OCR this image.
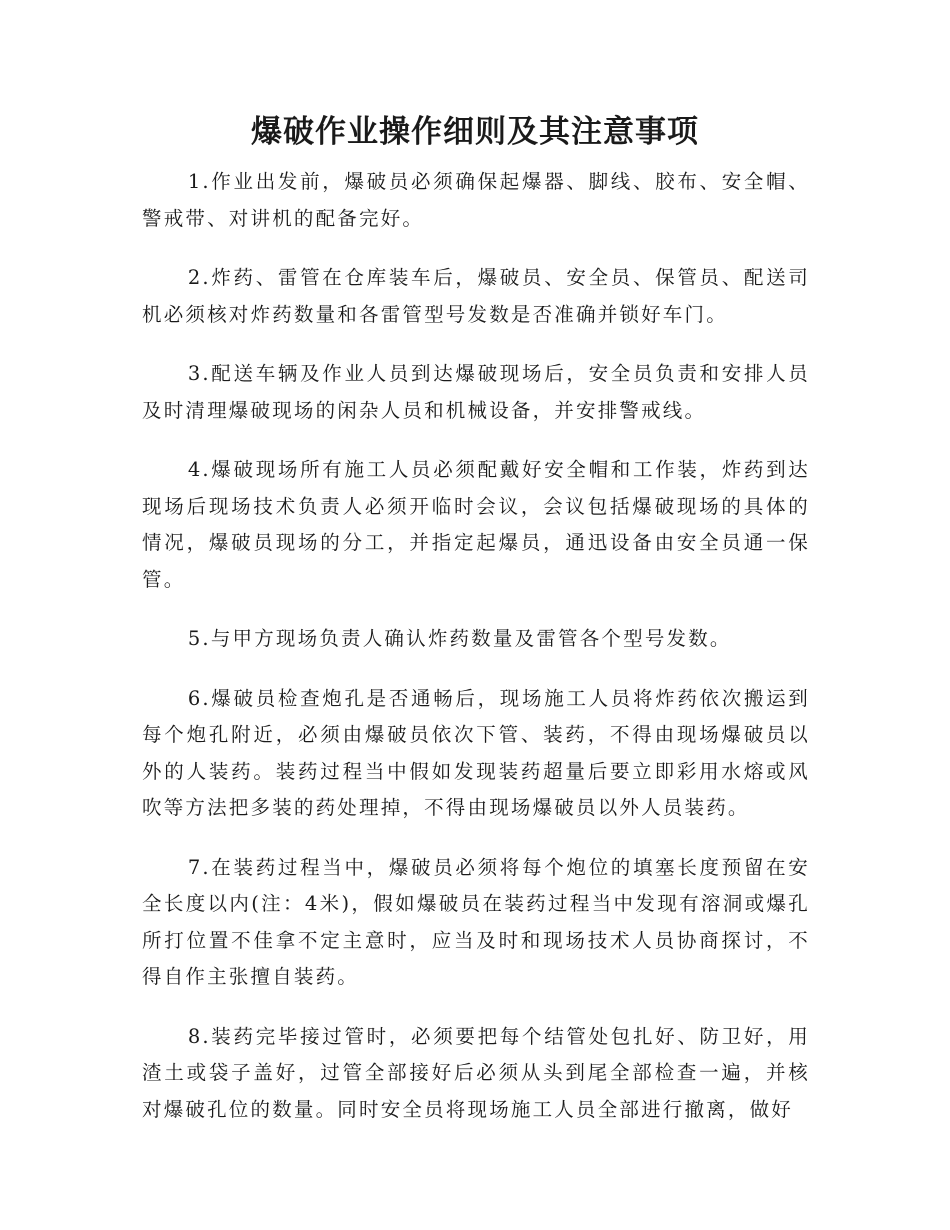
爆破作业操作细则及其注意事项

1.作业出发前，爆破员必须确保起爆器、脚线、胶布、安全帽、警戒带、对讲机的配备完好。

2.炸药、雷管在仓库装车后，爆破员、安全员、保管员、配送司机必须核对炸药数量和各雷管型号发数是否准确并锁好车门。

3.配送车辆及作业人员到达爆破现场后，安全员负责和安排人员及时清理爆破现场的闲杂人员和机械设备，并安排警戒线。

4.爆破现场所有施工人员必须配戴好安全帽和工作装，炸药到达现场后现场技术负责人必须开临时会议，会议包括爆破现场的具体的情况，爆破员现场的分工，并指定起爆员，通迅设备由安全员通一保管。

5.与甲方现场负责人确认炸药数量及雷管各个型号发数。

6.爆破员检查炮孔是否通畅后，现场施工人员将炸药依次搬运到每个炮孔附近，必须由爆破员依次下管、装药，不得由现场爆破员以外的人装药。装药过程当中假如发现装药超量后要立即彩用水熔或风吹等方法把多装的药处理掉，不得由现场爆破员以外人员装药。

7.在装药过程当中，爆破员必须将每个炮位的填塞长度预留在安全长度以内(注：4米)，假如爆破员在装药过程当中发现有溶洞或爆孔所打位置不佳拿不定主意时，应当及时和现场技术人员协商探讨，不得自作主张擅自装药。

8.装药完毕接过管时，必须要把每个结管处包扎好、防卫好，用渣土或袋子盖好，过管全部接好后必须从头到尾全部检查一遍，并核对爆破孔位的数量。同时安全员将现场施工人员全部进行撤离，做好
